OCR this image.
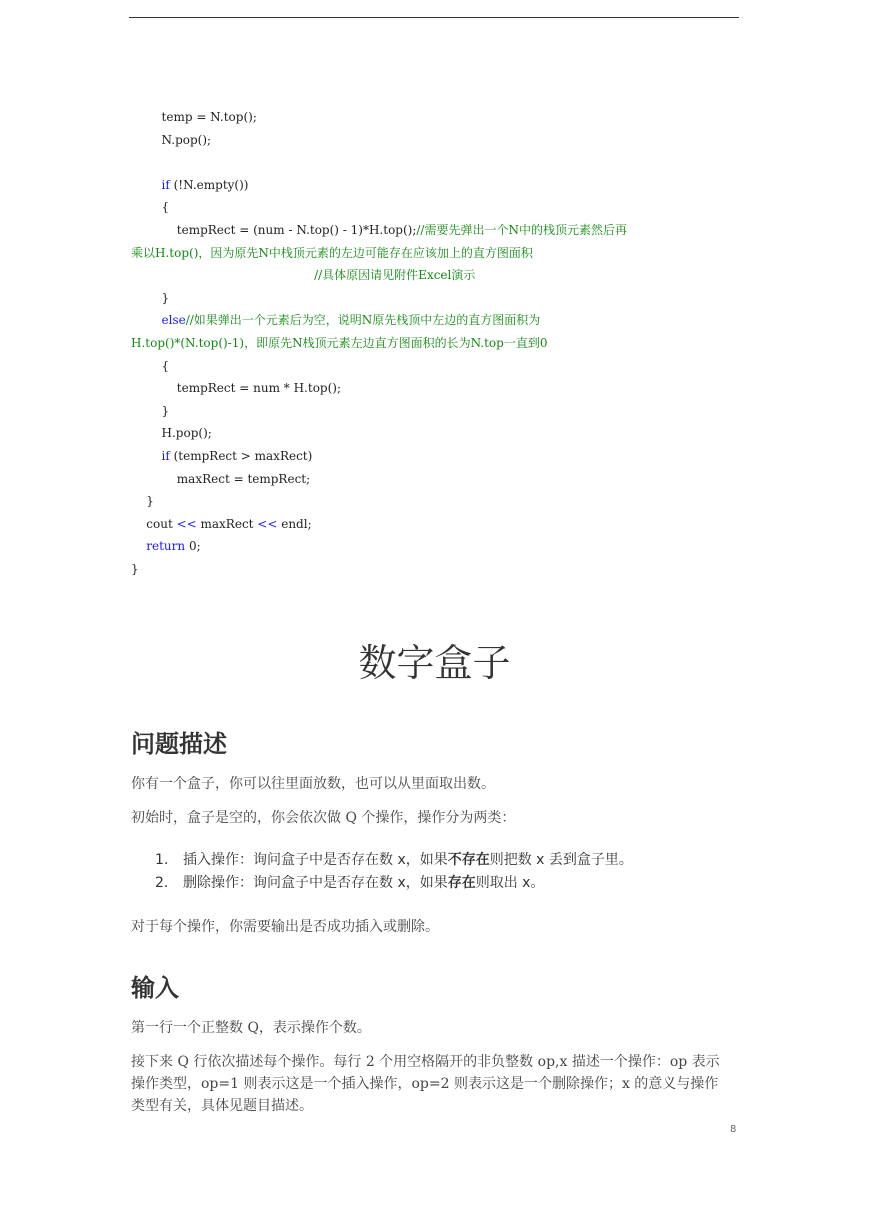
temp = N.top();
N.pop();
if (!N.empty())
{
tempRect = (num - N.top() - 1)*H.top();//需要先弹出一个N中的栈顶元素然后再
乘以H.top()，因为原先N中栈顶元素的左边可能存在应该加上的直方图面积
//具体原因请见附件Excel演示
}
else//如果弹出一个元素后为空，说明N原先栈顶中左边的直方图面积为
H.top()*(N.top()-1)，即原先N栈顶元素左边直方图面积的长为N.top一直到0
{
tempRect = num * H.top();
}
H.pop();
if (tempRect > maxRect)
maxRect = tempRect;
}
cout << maxRect << endl;
return 0;
}
数字盒子
问题描述

你有一个盒子，你可以往里面放数，也可以从里面取出数。

初始时，盒子是空的，你会依次做 Q 个操作，操作分为两类：

1. 插入操作：询问盒子中是否存在数 x，如果不存在则把数 x 丢到盒子里。
2. 删除操作：询问盒子中是否存在数 x，如果存在则取出 x。

对于每个操作，你需要输出是否成功插入或删除。

输入

第一行一个正整数 Q，表示操作个数。

接下来 Q 行依次描述每个操作。每行 2 个用空格隔开的非负整数 op,x 描述一个操作：op 表示操作类型，op=1 则表示这是一个插入操作，op=2 则表示这是一个删除操作；x 的意义与操作类型有关，具体见题目描述。

8
